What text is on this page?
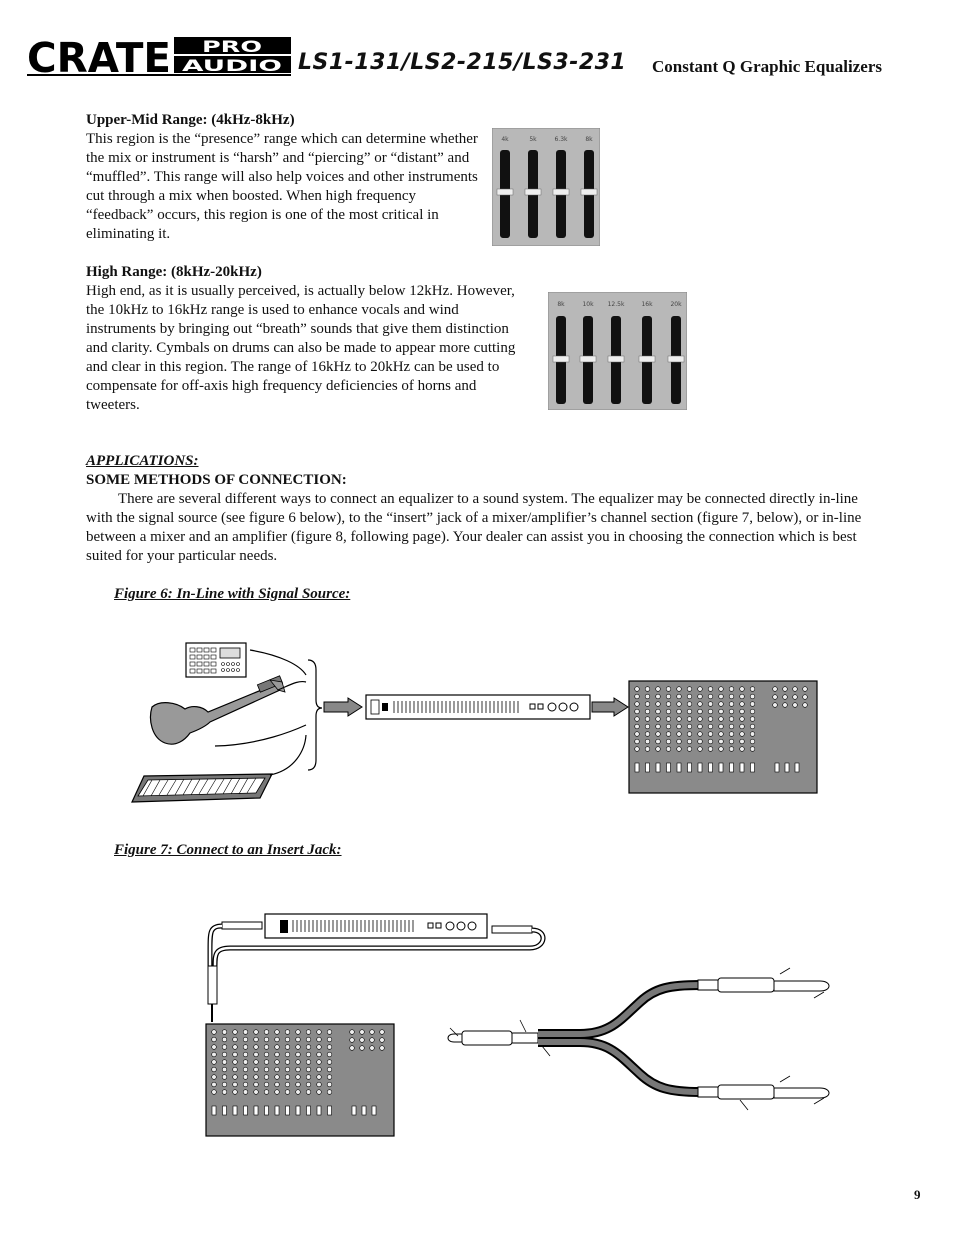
CRATE PRO
AUDIO LS1-131/LS2-215/LS3-231 Constant Q Graphic Equalizers
Upper-Mid Range: (4kHz-8kHz)
This region is the “presence” range which can determine whether the mix or instrument is “harsh” and “piercing” or “distant” and “muffled”. This range will also help voices and other instruments cut through a mix when boosted. When high frequency “feedback” occurs, this region is one of the most critical in eliminating it.
4k	5k	6.3k	8k
High Range: (8kHz-20kHz)
High end, as it is usually perceived, is actually below 12kHz. However, the 10kHz to 16kHz range is used to enhance vocals and wind instruments by bringing out “breath” sounds that give them distinction and clarity. Cymbals on drums can also be made to appear more cutting and clear in this region. The range of 16kHz to 20kHz can be used to compensate for off-axis high frequency deficiencies of horns and tweeters.
8k	10k 12.5k	16k	20k
APPLICATIONS:
SOME METHODS OF CONNECTION:
There are several different ways to connect an equalizer to a sound system. The equalizer may be connected directly in-line with the signal source (see figure 6 below), to the “insert” jack of a mixer/amplifier’s channel section (figure 7, below), or in-line between a mixer and an amplifier (figure 8, following page). Your dealer can assist you in choosing the connection which is best suited for your particular needs.
Figure 6: In-Line with Signal Source:
Figure 7: Connect to an Insert Jack:
9
